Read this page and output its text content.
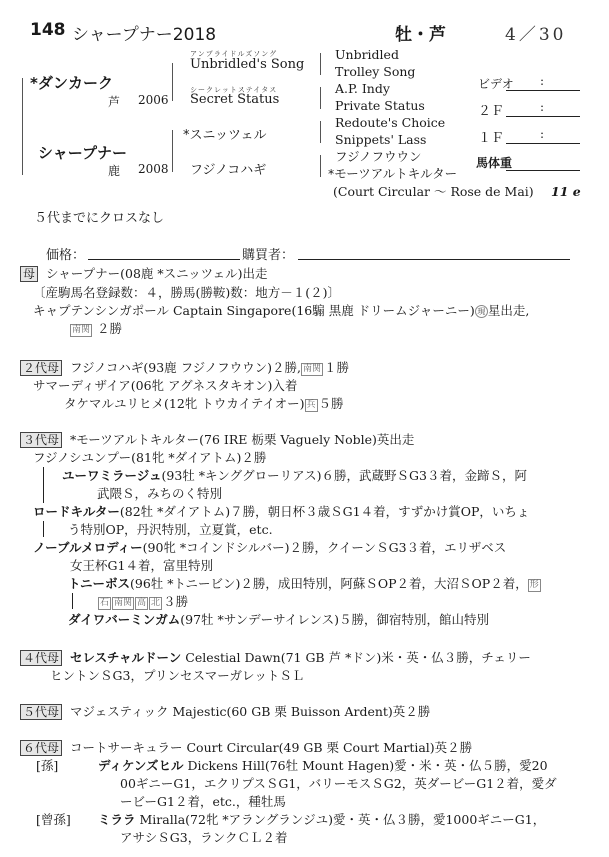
148 シャープナー2018	牡・芦	4／30
*ダンカーク
芦 2006
シャープナー
鹿 2008
アンブライドルズソング
Unbridled's Song
シークレットステイタス
Secret Status
*スニッツェル
フジノコハギ
Unbridled
Trolley Song
A.P. Indy
Private Status
Redoute's Choice
Snippets' Lass
フジノフウウン
*モーツアルトキルター
(Court Circular ～ Rose de Mai) 11 e
ビデオ :
２Ｆ	:
１Ｆ	:
馬体重
５代までにクロスなし
価格：	購買者：
母 シャープナー(08鹿 *スニッツェル)出走
〔産駒馬名登録数：４，勝馬(勝鞍)数：地方－１(２)〕
キャプテンシンガポール Captain Singapore(16騸 黒鹿 ドリームジャーニー) 現 星出走,
南関 ２勝
２代母 フジノコハギ(93鹿 フジノフウウン)２勝, 南関 １勝
サマーディザイア(06牝 アグネスタキオン)入着
タケマルユリヒメ(12牝 トウカイテイオー) 兵 ５勝
３代母 *モーツアルトキルター(76 IRE 栃栗 Vaguely Noble)英出走
フジノシユンプー(81牝 *ダイアトム)２勝
ユーワミラージュ(93牡 *キンググローリアス)６勝，武蔵野ＳG3３着，金蹄Ｓ，阿
武隈Ｓ，みちのく特別
ロードキルター(82牡 *ダイアトム)７勝，朝日杯３歳ＳG1４着，すずかけ賞OP，いちょ
う特別OP，丹沢特別，立夏賞，etc.
ノーブルメロディー(90牝 *コインドシルバー)２勝，クイーンＳG3３着，エリザベス
女王杯G1４着，富里特別
トニーボス(96牡 *トニービン)２勝，成田特別，阿蘇ＳOP２着，大沼ＳOP２着， 形
石 南関 高 北 ３勝
ダイワバーミンガム(97牡 *サンデーサイレンス)５勝，御宿特別，館山特別
４代母 セレスチャルドーン Celestial Dawn(71 GB 芦 *ドン)米・英・仏３勝，チェリー
ヒントンＳG3，プリンセスマーガレットＳＬ
５代母 マジェスティック Majestic(60 GB 栗 Buisson Ardent)英２勝
６代母 コートサーキュラー Court Circular(49 GB 栗 Court Martial)英２勝
[孫]	ディケンズヒル Dickens Hill(76牡 Mount Hagen)愛・米・英・仏５勝，愛20
00ギニーG1，エクリプスＳG1，バリーモスＳG2，英ダービーG1２着，愛ダ
ービーG1２着，etc.，種牡馬
[曾孫] ミララ Miralla(72牝 *アラングランジユ)愛・英・仏３勝，愛1000ギニーG1，
アサシＳG3，ランクＣＬ２着
